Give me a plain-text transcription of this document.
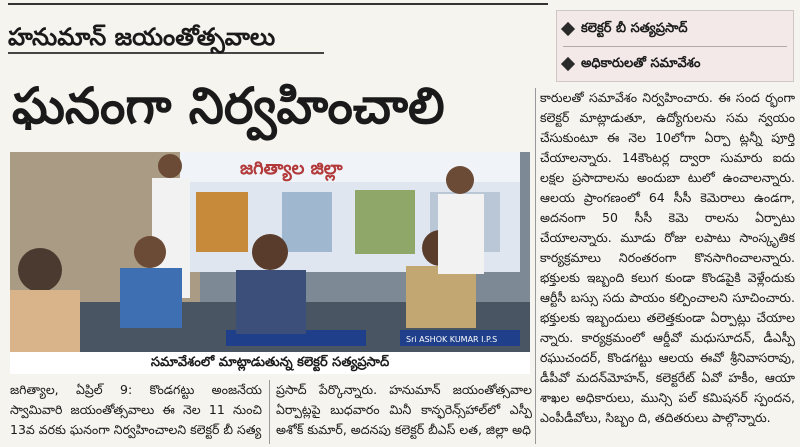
హనుమాన్ జయంతోత్సవాలు	కలెక్టర్ బీ సత్యప్రసాద్
అధికారులతో సమావేశం
ఘనంగా నిర్వహించాలి
జగిత్యాల జిల్లా
Sri ASHOK KUMAR I.P.S
సమావేశంలో మాట్లాడుతున్న కలెక్టర్ సత్యప్రసాద్
కారులతో సమావేశం నిర్వహించారు. ఈ సంద ర్భంగా కలెక్టర్ మాట్లాడుతూ, ఉద్యోగులను సమ న్వయం చేసుకుంటూ ఈ నెల 10లోగా ఏర్పా ట్లన్నీ పూర్తి చేయాలన్నారు. 14కౌంటర్ల ద్వారా సుమారు ఐదు లక్షల ప్రసాదాలను అందుబా టులో ఉంచాలన్నారు. ఆలయ ప్రాంగణంలో 64 సీసీ కెమెరాలు ఉండగా, అదనంగా 50 సీసీ కెమె రాలను ఏర్పాటు చేయాలన్నారు. మూడు రోజు లపాటు సాంస్కృతిక కార్యక్రమాలు నిరంతరంగా కొనసాగించాలన్నారు. భక్తులకు ఇబ్బంది కలుగ కుండా కొండపైకి వెళ్లేందుకు ఆర్టీసీ బస్సు సదు పాయం కల్పించాలని సూచించారు. భక్తులకు ఇబ్బందులు తలెత్తకుండా ఏర్పాట్లు చేయాల న్నారు. కార్యక్రమంలో ఆర్డీవో మధుసూదన్, డీఎస్పీ రఘుచందర్, కొండగట్టు ఆలయ ఈవో శ్రీనివాసరావు, డీపీవో మదన్‌మోహన్, కలెక్టరేట్ ఏవో హకీం, ఆయా శాఖల అధికారులు, మున్సి పల్ కమిషనర్ స్పందన, ఎంపీడీవోలు, సిబ్బం ది, తదితరులు పాల్గొన్నారు.
జగిత్యాల, ఏప్రిల్ 9: కొండగట్టు అంజనేయ స్వామివారి జయంతోత్సవాలు ఈ నెల 11 నుంచి 13వ వరకు ఘనంగా నిర్వహించాలని కలెక్టర్ బీ సత్య
ప్రసాద్ పేర్కొన్నారు. హనుమాన్ జయంతోత్సవాల ఏర్పాట్లపై బుధవారం మినీ కాన్ఫరెన్స్‌హాల్‌లో ఎస్పీ అశోక్ కుమార్, అదనపు కలెక్టర్ బీఎస్ లత, జిల్లా అధి
